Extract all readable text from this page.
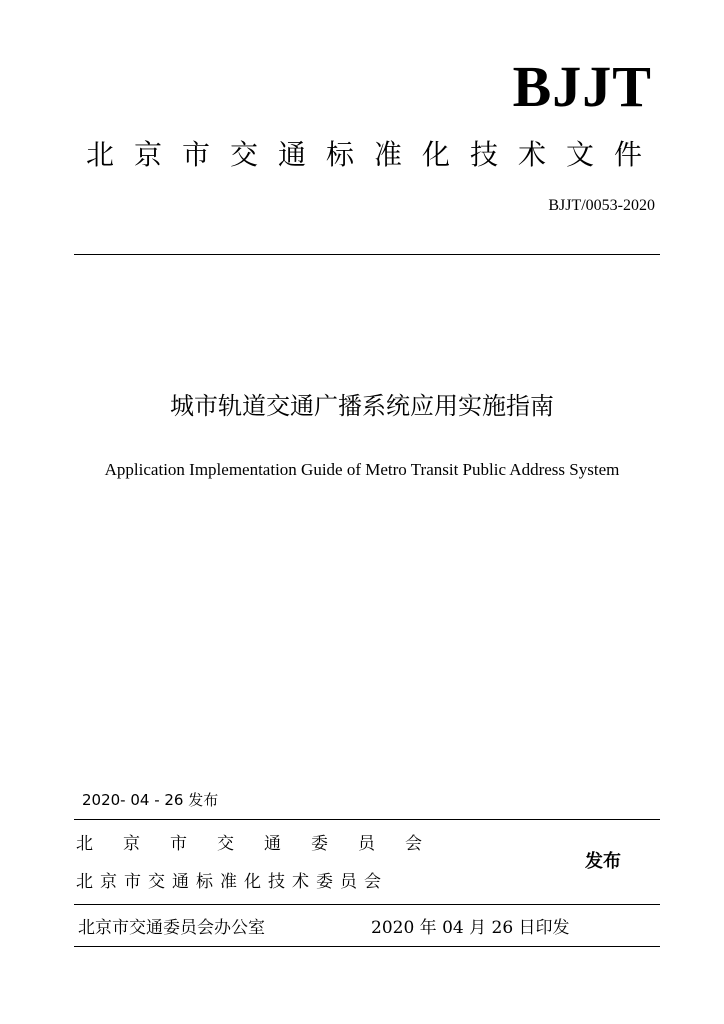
BJJT
北京市交通标准化技术文件
BJJT/0053-2020
城市轨道交通广播系统应用实施指南
Application Implementation Guide of Metro Transit Public Address System
2020- 04 - 26 发布
北京市交通委员会
北京市交通标准化技术委员会
发布
北京市交通委员会办公室	2020 年 04 月 26 日印发
